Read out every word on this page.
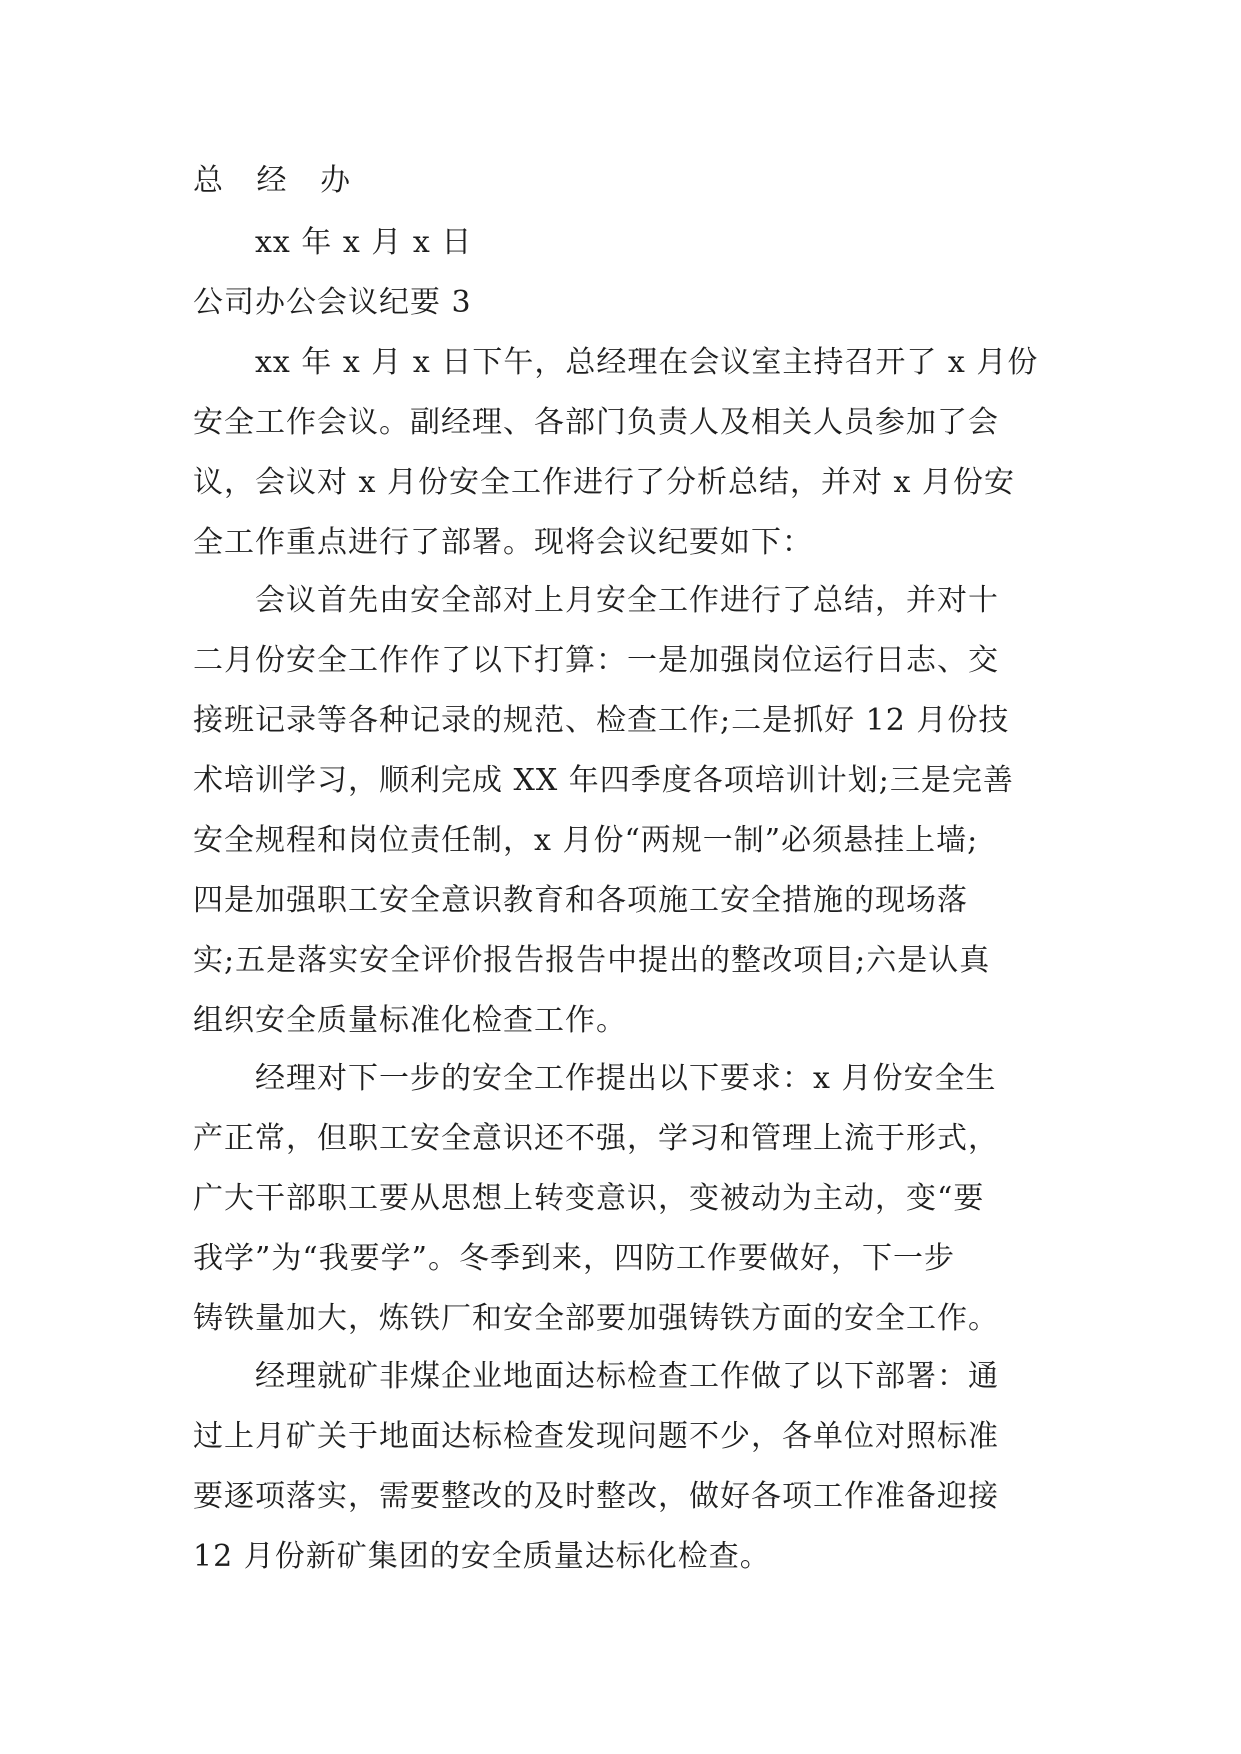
总 经 办

xx 年 x 月 x 日

公司办公会议纪要 3

xx 年 x 月 x 日下午，总经理在会议室主持召开了 x 月份

安全工作会议。副经理、各部门负责人及相关人员参加了会

议，会议对 x 月份安全工作进行了分析总结，并对 x 月份安

全工作重点进行了部署。现将会议纪要如下：

会议首先由安全部对上月安全工作进行了总结，并对十

二月份安全工作作了以下打算：一是加强岗位运行日志、交

接班记录等各种记录的规范、检查工作;二是抓好 12 月份技

术培训学习，顺利完成 XX 年四季度各项培训计划;三是完善

安全规程和岗位责任制，x 月份“两规一制”必须悬挂上墙;

四是加强职工安全意识教育和各项施工安全措施的现场落

实;五是落实安全评价报告报告中提出的整改项目;六是认真

组织安全质量标准化检查工作。

经理对下一步的安全工作提出以下要求：x 月份安全生

产正常，但职工安全意识还不强，学习和管理上流于形式，

广大干部职工要从思想上转变意识，变被动为主动，变“要

我学”为“我要学”。冬季到来，四防工作要做好，下一步

铸铁量加大，炼铁厂和安全部要加强铸铁方面的安全工作。

经理就矿非煤企业地面达标检查工作做了以下部署：通

过上月矿关于地面达标检查发现问题不少，各单位对照标准

要逐项落实，需要整改的及时整改，做好各项工作准备迎接

12 月份新矿集团的安全质量达标化检查。
